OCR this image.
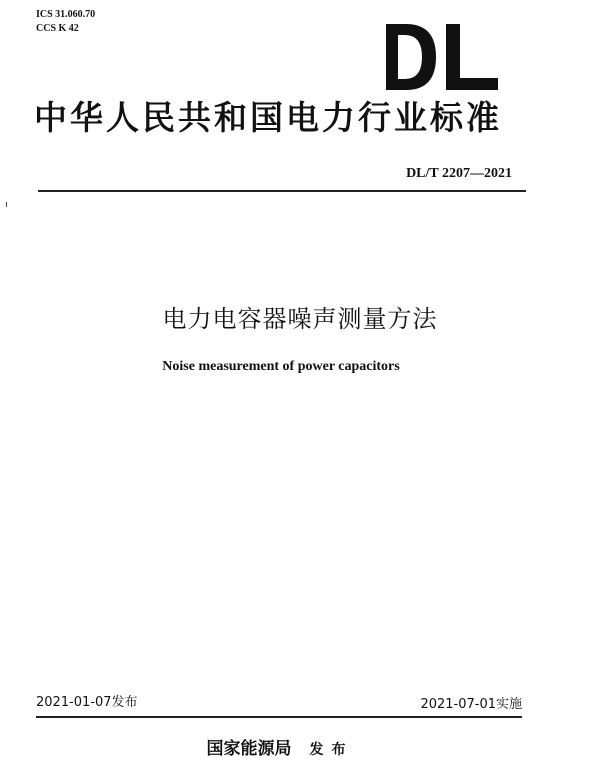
ICS 31.060.70
CCS K 42
中华人民共和国电力行业标准
DL/T 2207—2021
电力电容器噪声测量方法
Noise measurement of power capacitors
2021-01-07发布	2021-07-01实施
国家能源局 发布
